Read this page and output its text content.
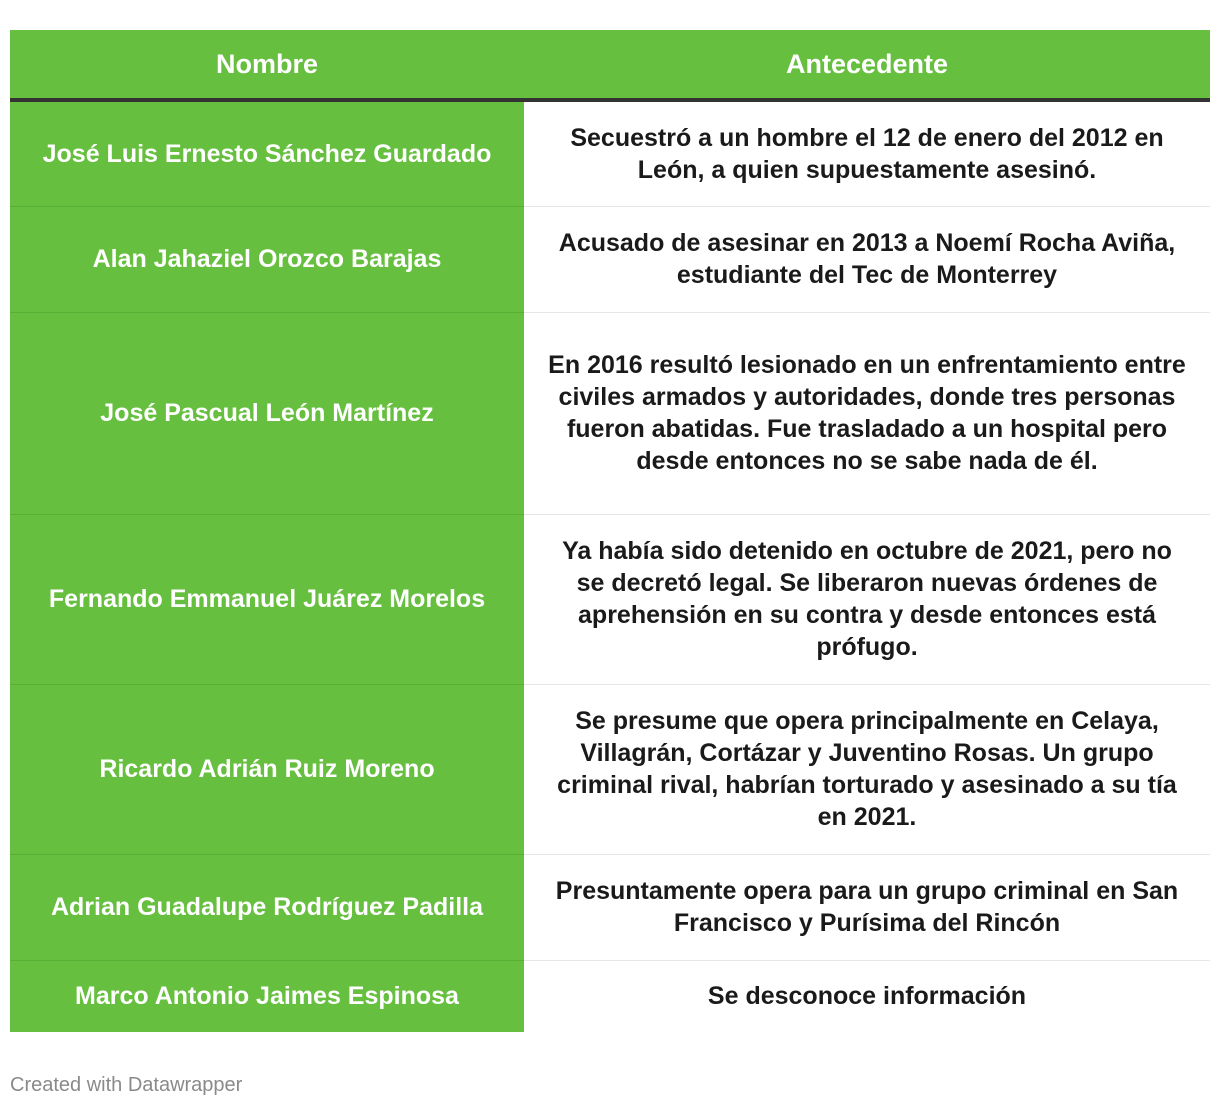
Nombre	Antecedente
José Luis Ernesto Sánchez Guardado	Secuestró a un hombre el 12 de enero del 2012 en León, a quien supuestamente asesinó.
Alan Jahaziel Orozco Barajas	Acusado de asesinar en 2013 a Noemí Rocha Aviña, estudiante del Tec de Monterrey
José Pascual León Martínez	En 2016 resultó lesionado en un enfrentamiento entre civiles armados y autoridades, donde tres personas fueron abatidas. Fue trasladado a un hospital pero desde entonces no se sabe nada de él.
Fernando Emmanuel Juárez Morelos	Ya había sido detenido en octubre de 2021, pero no se decretó legal. Se liberaron nuevas órdenes de aprehensión en su contra y desde entonces está prófugo.
Ricardo Adrián Ruiz Moreno	Se presume que opera principalmente en Celaya, Villagrán, Cortázar y Juventino Rosas. Un grupo criminal rival, habrían torturado y asesinado a su tía en 2021.
Adrian Guadalupe Rodríguez Padilla	Presuntamente opera para un grupo criminal en San Francisco y Purísima del Rincón
Marco Antonio Jaimes Espinosa	Se desconoce información
Created with Datawrapper
